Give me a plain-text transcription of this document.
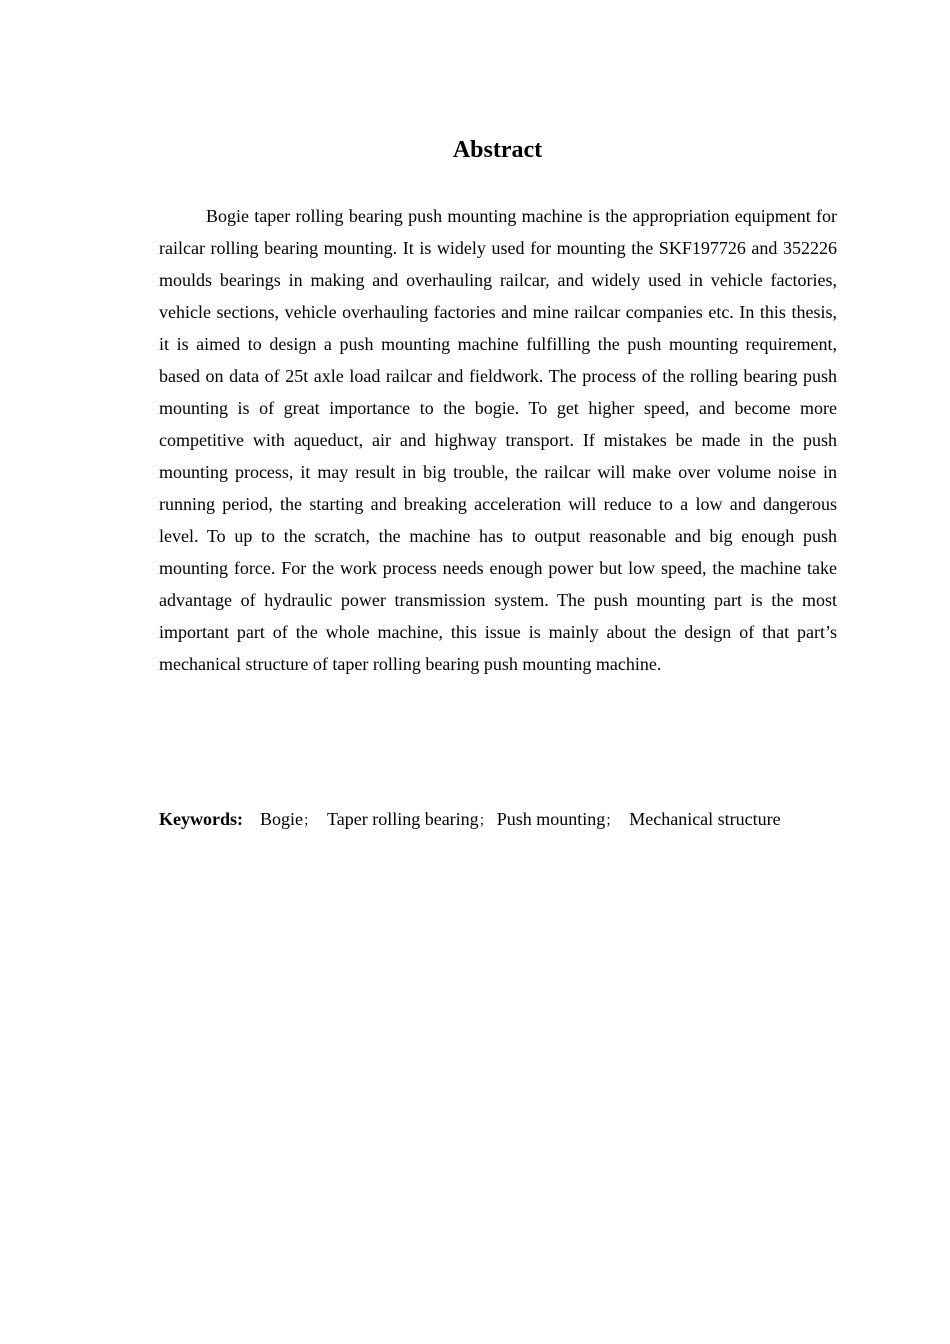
Abstract

Bogie taper rolling bearing push mounting machine is the appropriation equipment for railcar rolling bearing mounting. It is widely used for mounting the SKF197726 and 352226 moulds bearings in making and overhauling railcar, and widely used in vehicle factories, vehicle sections, vehicle overhauling factories and mine railcar companies etc. In this thesis, it is aimed to design a push mounting machine fulfilling the push mounting requirement, based on data of 25t axle load railcar and fieldwork. The process of the rolling bearing push mounting is of great importance to the bogie. To get higher speed, and become more competitive with aqueduct, air and highway transport. If mistakes be made in the push mounting process, it may result in big trouble, the railcar will make over volume noise in running period, the starting and breaking acceleration will reduce to a low and dangerous level. To up to the scratch, the machine has to output reasonable and big enough push mounting force. For the work process needs enough power but low speed, the machine take advantage of hydraulic power transmission system. The push mounting part is the most important part of the whole machine, this issue is mainly about the design of that part’s mechanical structure of taper rolling bearing push mounting machine.

Keywords: Bogie； Taper rolling bearing； Push mounting； Mechanical structure
